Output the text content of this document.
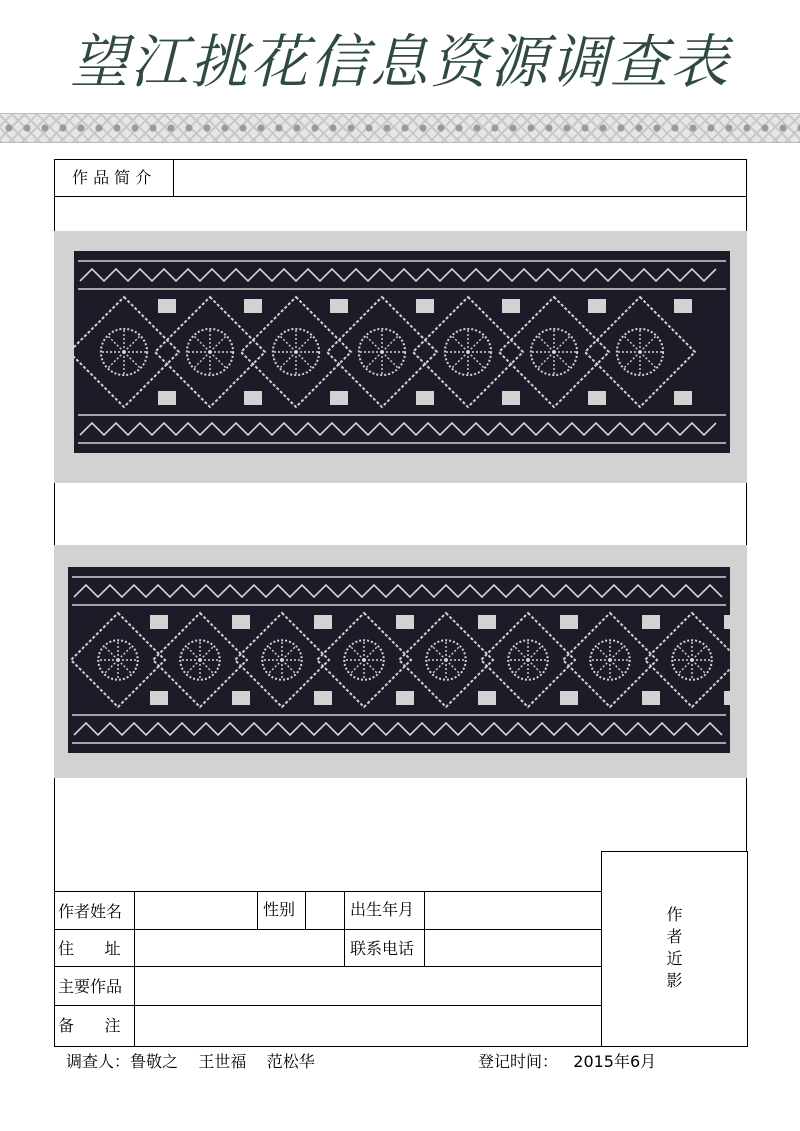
望江挑花信息资源调查表
作 品 简 介
作者姓名	性别	出生年月
住      址	联系电话
主要作品
备      注
作
者
近
影
调查人：鲁敬之    王世福    范松华	登记时间：   2015年6月
